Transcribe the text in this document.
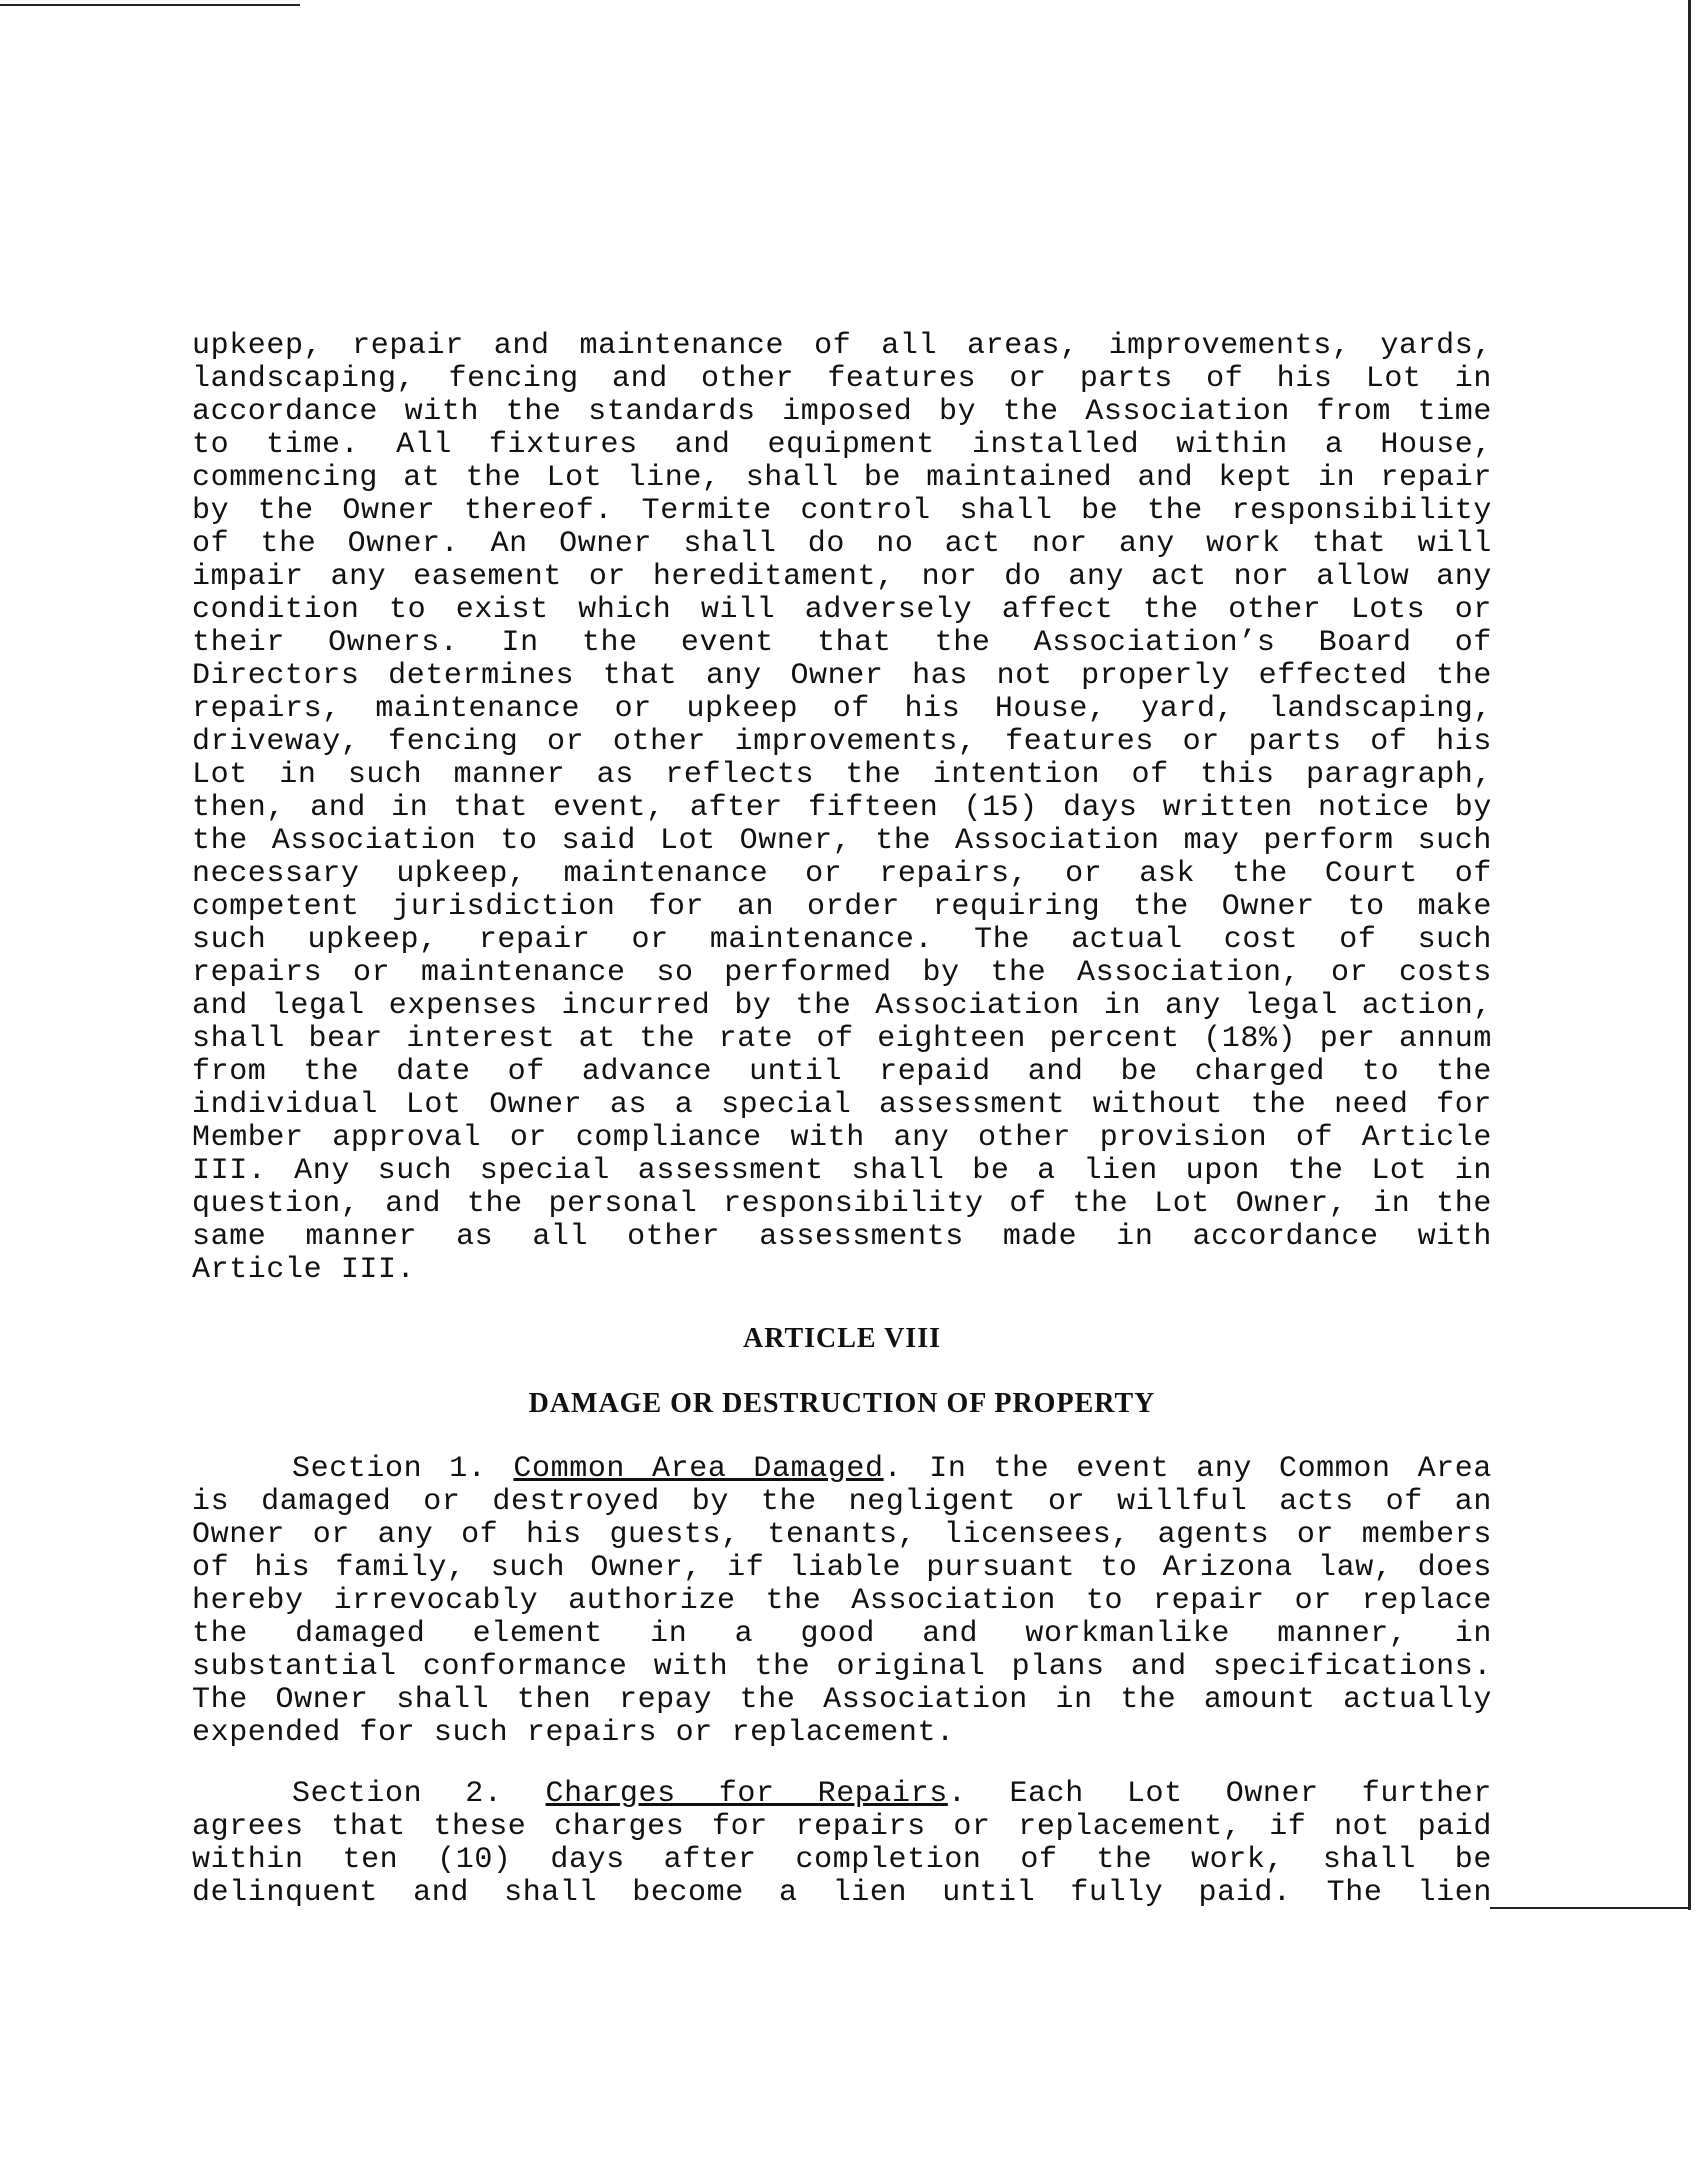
upkeep, repair and maintenance of all areas, improvements, yards,
landscaping, fencing and other features or parts of his Lot in
accordance with the standards imposed by the Association from time
to time. All fixtures and equipment installed within a House,
commencing at the Lot line, shall be maintained and kept in repair
by the Owner thereof. Termite control shall be the responsibility
of the Owner. An Owner shall do no act nor any work that will
impair any easement or hereditament, nor do any act nor allow any
condition to exist which will adversely affect the other Lots or
their Owners. In the event that the Association’s Board of
Directors determines that any Owner has not properly effected the
repairs, maintenance or upkeep of his House, yard, landscaping,
driveway, fencing or other improvements, features or parts of his
Lot in such manner as reflects the intention of this paragraph,
then, and in that event, after fifteen (15) days written notice by
the Association to said Lot Owner, the Association may perform such
necessary upkeep, maintenance or repairs, or ask the Court of
competent jurisdiction for an order requiring the Owner to make
such upkeep, repair or maintenance. The actual cost of such
repairs or maintenance so performed by the Association, or costs
and legal expenses incurred by the Association in any legal action,
shall bear interest at the rate of eighteen percent (18%) per annum
from the date of advance until repaid and be charged to the
individual Lot Owner as a special assessment without the need for
Member approval or compliance with any other provision of Article
III. Any such special assessment shall be a lien upon the Lot in
question, and the personal responsibility of the Lot Owner, in the
same manner as all other assessments made in accordance with
Article III.
ARTICLE VIII
DAMAGE OR DESTRUCTION OF PROPERTY
Section 1. Common Area Damaged. In the event any Common Area
is damaged or destroyed by the negligent or willful acts of an
Owner or any of his guests, tenants, licensees, agents or members
of his family, such Owner, if liable pursuant to Arizona law, does
hereby irrevocably authorize the Association to repair or replace
the damaged element in a good and workmanlike manner, in
substantial conformance with the original plans and specifications.
The Owner shall then repay the Association in the amount actually
expended for such repairs or replacement.
Section 2. Charges for Repairs. Each Lot Owner further
agrees that these charges for repairs or replacement, if not paid
within ten (10) days after completion of the work, shall be
delinquent and shall become a lien until fully paid. The lien
